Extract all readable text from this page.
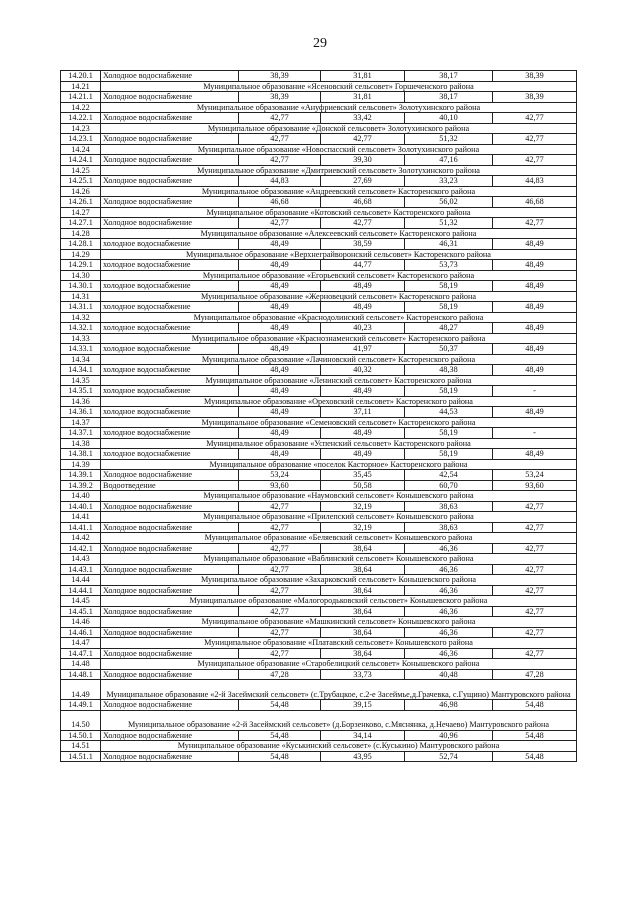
29
14.20.1	Холодное водоснабжение	38,39	31,81	38,17	38,39
14.21	Муниципальное образование «Ясеновский сельсовет» Горшеченского района				
14.21.1	Холодное водоснабжение	38,39	31,81	38,17	38,39
14.22	Муниципальное образование «Ануфриевский сельсовет» Золотухинского района				
14.22.1	Холодное водоснабжение	42,77	33,42	40,10	42,77
14.23	Муниципальное образование «Донской сельсовет» Золотухинского района				
14.23.1	Холодное водоснабжение	42,77	42,77	51,32	42,77
14.24	Муниципальное образование «Новоспасский сельсовет» Золотухинского района				
14.24.1	Холодное водоснабжение	42,77	39,30	47,16	42,77
14.25	Муниципальное образование «Дмитриевский сельсовет» Золотухинского района				
14.25.1	Холодное водоснабжение	44,83	27,69	33,23	44,83
14.26	Муниципальное образование «Андреевский сельсовет» Касторенского района				
14.26.1	Холодное водоснабжение	46,68	46,68	56,02	46,68
14.27	Муниципальное образование «Котовский сельсовет» Касторенского района				
14.27.1	Холодное водоснабжение	42,77	42,77	51,32	42,77
14.28	Муниципальное образование «Алексеевский сельсовет» Касторенского района				
14.28.1	холодное водоснабжение	48,49	38,59	46,31	48,49
14.29	Муниципальное образование «Верхнеграйворонский сельсовет» Касторенского района				
14.29.1	холодное водоснабжение	48,49	44,77	53,73	48,49
14.30	Муниципальное образование «Егорьевский сельсовет» Касторенского района				
14.30.1	холодное водоснабжение	48,49	48,49	58,19	48,49
14.31	Муниципальное образование «Жерновецкий сельсовет» Касторенского района				
14.31.1	холодное водоснабжение	48,49	48,49	58,19	48,49
14.32	Муниципальное образование «Краснодолинский сельсовет» Касторенского района				
14.32.1	холодное водоснабжение	48,49	40,23	48,27	48,49
14.33	Муниципальное образование «Краснознаменский сельсовет» Касторенского района				
14.33.1	холодное водоснабжение	48,49	41,97	50,37	48,49
14.34	Муниципальное образование «Лачиновский сельсовет» Касторенского района				
14.34.1	холодное водоснабжение	48,49	40,32	48,38	48,49
14.35	Муниципальное образование «Ленинский сельсовет» Касторенского района				
14.35.1	холодное водоснабжение	48,49	48,49	58,19	-
14.36	Муниципальное образование «Ореховский сельсовет» Касторенского района				
14.36.1	холодное водоснабжение	48,49	37,11	44,53	48,49
14.37	Муниципальное образование «Семеновский сельсовет» Касторенского района				
14.37.1	холодное водоснабжение	48,49	48,49	58,19	-
14.38	Муниципальное образование «Успенский сельсовет» Касторенского района				
14.38.1	холодное водоснабжение	48,49	48,49	58,19	48,49
14.39	Муниципальное образование «поселок Касторное» Касторенского района				
14.39.1	Холодное водоснабжение	53,24	35,45	42,54	53,24
14.39.2	Водоотведение	93,60	50,58	60,70	93,60
14.40	Муниципальное образование «Наумовский сельсовет» Конышевского района				
14.40.1	Холодное водоснабжение	42,77	32,19	38,63	42,77
14.41	Муниципальное образование «Прилепский сельсовет» Конышевского района				
14.41.1	Холодное водоснабжение	42,77	32,19	38,63	42,77
14.42	Муниципальное образование «Беляевский сельсовет» Конышевского района				
14.42.1	Холодное водоснабжение	42,77	38,64	46,36	42,77
14.43	Муниципальное образование «Ваблинский сельсовет» Конышевского района				
14.43.1	Холодное водоснабжение	42,77	38,64	46,36	42,77
14.44	Муниципальное образование «Захарковский сельсовет» Конышевского района				
14.44.1	Холодное водоснабжение	42,77	38,64	46,36	42,77
14.45	Муниципальное образование «Малогородьковский сельсовет» Конышевского района				
14.45.1	Холодное водоснабжение	42,77	38,64	46,36	42,77
14.46	Муниципальное образование «Машкинский сельсовет» Конышевского района				
14.46.1	Холодное водоснабжение	42,77	38,64	46,36	42,77
14.47	Муниципальное образование «Платавский сельсовет» Конышевского района				
14.47.1	Холодное водоснабжение	42,77	38,64	46,36	42,77
14.48	Муниципальное образование «Старобелицкий сельсовет» Конышевского района				
14.48.1	Холодное водоснабжение	47,28	33,73	40,48	47,28
14.49	Муниципальное образование «2-й Засеймский сельсовет» (с.Трубацкое, с.2-е Засеймье,д.Грачевка, с.Гущино) Мантуровского района				
14.49.1	Холодное водоснабжение	54,48	39,15	46,98	54,48
14.50	Муниципальное образование «2-й Засеймский сельсовет» (д.Борзенково, с.Мяснянка, д.Нечаево) Мантуровского района				
14.50.1	Холодное водоснабжение	54,48	34,14	40,96	54,48
14.51	Муниципальное образование «Куськинский сельсовет» (с.Куськино) Мантуровского района				
14.51.1	Холодное водоснабжение	54,48	43,95	52,74	54,48
